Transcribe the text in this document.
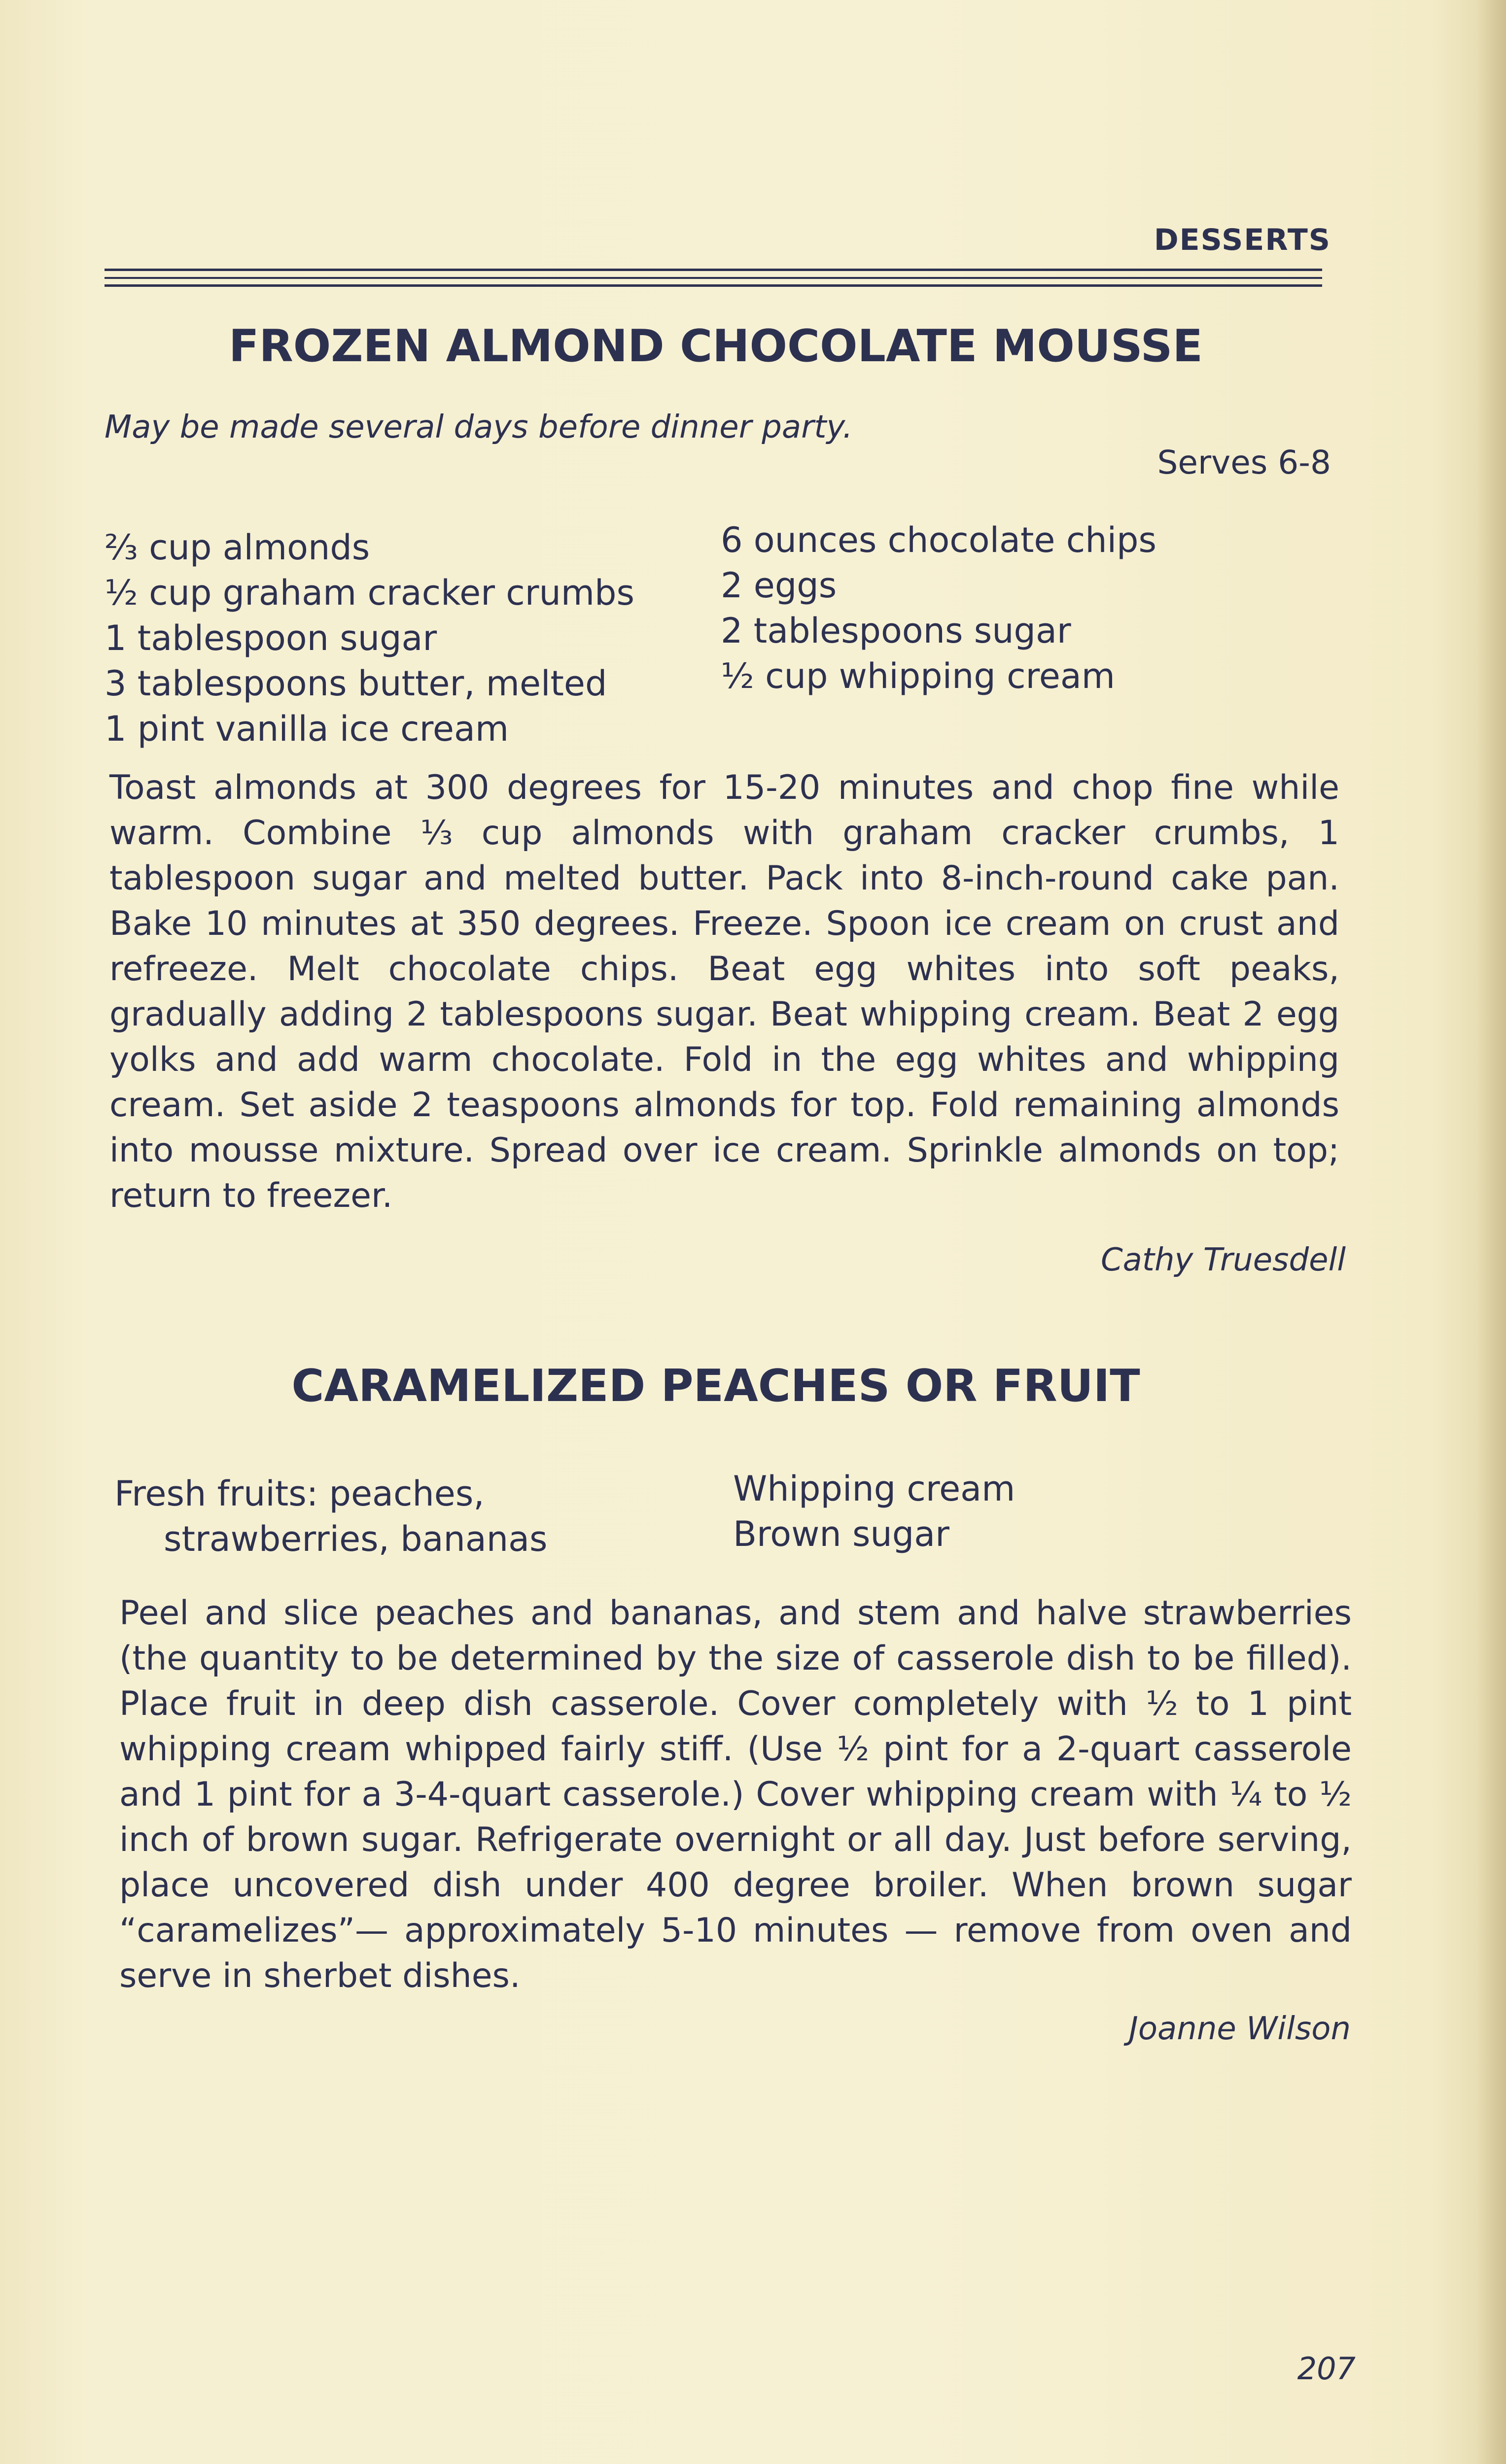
DESSERTS
FROZEN ALMOND CHOCOLATE MOUSSE
May be made several days before dinner party.
Serves 6-8
⅔ cup almonds
½ cup graham cracker crumbs
1 tablespoon sugar
3 tablespoons butter, melted
1 pint vanilla ice cream
6 ounces chocolate chips
2 eggs
2 tablespoons sugar
½ cup whipping cream
Toast almonds at 300 degrees for 15-20 minutes and chop fine while warm. Combine ⅓ cup almonds with graham cracker crumbs, 1 tablespoon sugar and melted butter. Pack into 8-inch-round cake pan. Bake 10 minutes at 350 degrees. Freeze. Spoon ice cream on crust and refreeze. Melt chocolate chips. Beat egg whites into soft peaks, gradually adding 2 tablespoons sugar. Beat whipping cream. Beat 2 egg yolks and add warm chocolate. Fold in the egg whites and whipping cream. Set aside 2 teaspoons almonds for top. Fold remaining almonds into mousse mixture. Spread over ice cream. Sprinkle almonds on top; return to freezer.
Cathy Truesdell
CARAMELIZED PEACHES OR FRUIT
Fresh fruits: peaches,
strawberries, bananas
Whipping cream
Brown sugar
Peel and slice peaches and bananas, and stem and halve strawberries (the quantity to be determined by the size of casserole dish to be filled). Place fruit in deep dish casserole. Cover completely with ½ to 1 pint whipping cream whipped fairly stiff. (Use ½ pint for a 2-quart casserole and 1 pint for a 3-4-quart casserole.) Cover whipping cream with ¼ to ½ inch of brown sugar. Refrigerate overnight or all day. Just before serving, place uncovered dish under 400 degree broiler. When brown sugar “caramelizes”— approximately 5-10 minutes — remove from oven and serve in sherbet dishes.
Joanne Wilson
207
